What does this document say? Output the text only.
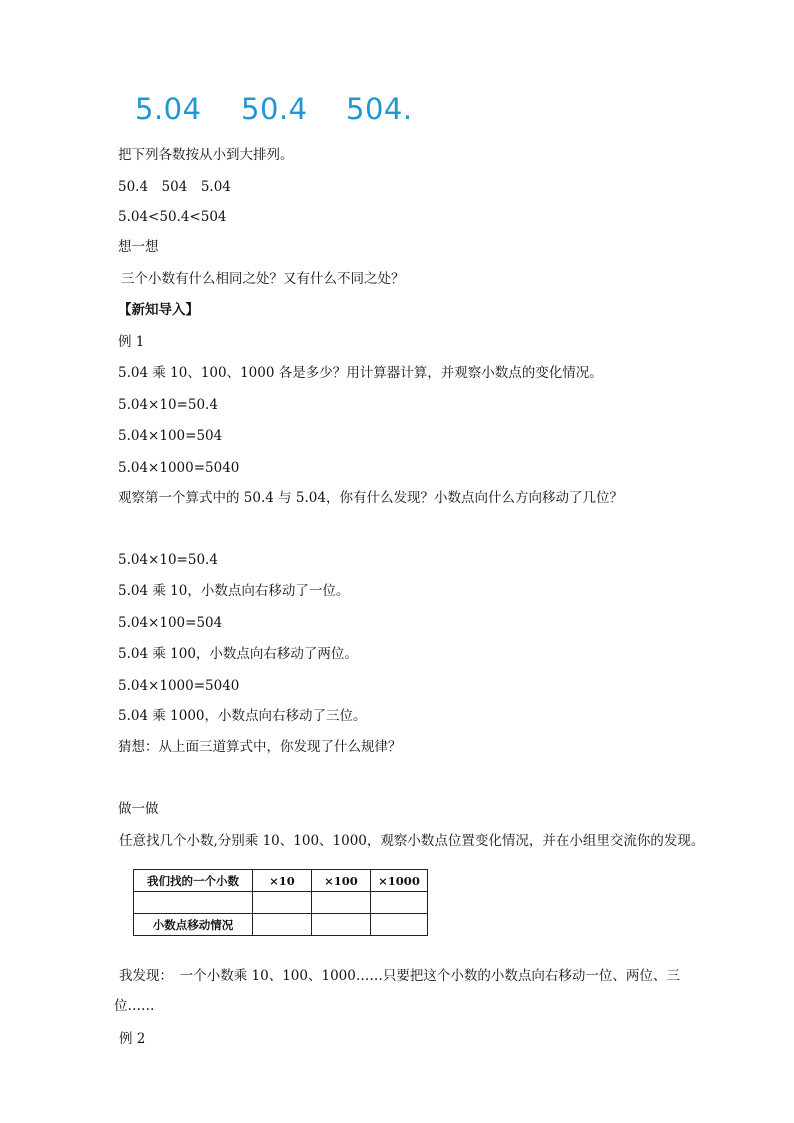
5.04 50.4 504.
把下列各数按从小到大排列。
50.4　504　5.04
5.04<50.4<504
想一想
三个小数有什么相同之处？又有什么不同之处？
【新知导入】
例 1
5.04 乘 10、100、1000 各是多少？用计算器计算，并观察小数点的变化情况。
5.04×10=50.4
5.04×100=504
5.04×1000=5040
观察第一个算式中的 50.4 与 5.04，你有什么发现？小数点向什么方向移动了几位？
5.04×10=50.4
5.04 乘 10，小数点向右移动了一位。
5.04×100=504
5.04 乘 100，小数点向右移动了两位。
5.04×1000=5040
5.04 乘 1000，小数点向右移动了三位。
猜想：从上面三道算式中，你发现了什么规律？
做一做
任意找几个小数,分别乘 10、100、1000，观察小数点位置变化情况，并在小组里交流你的发现。
我们找的一个小数	×10	×100	×1000

小数点移动情况			
我发现：　一个小数乘 10、100、1000……只要把这个小数的小数点向右移动一位、两位、三
位……
例 2
